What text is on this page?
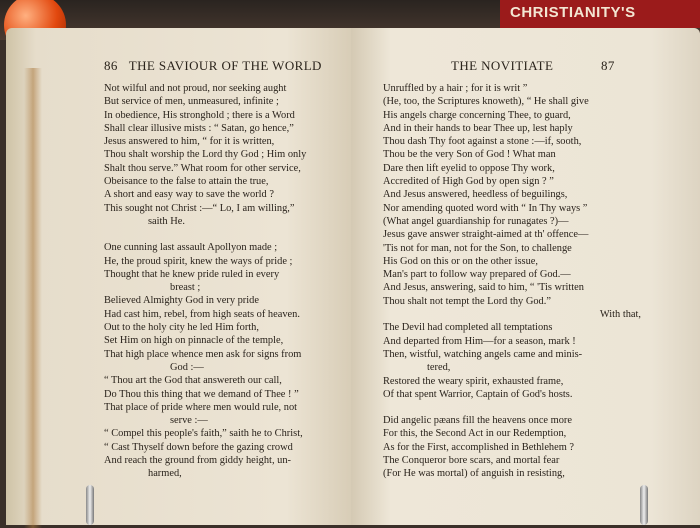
CHRISTIANITY'S
86 THE SAVIOUR OF THE WORLD
Not wilful and not proud, nor seeking aught
But service of men, unmeasured, infinite ;
In obedience, His stronghold ; there is a Word
Shall clear illusive mists : “ Satan, go hence,”
Jesus answered to him, “ for it is written,
Thou shalt worship the Lord thy God ; Him only
Shalt thou serve.” What room for other service,
Obeisance to the false to attain the true,
A short and easy way to save the world ?
This sought not Christ :—“ Lo, I am willing,”
saith He.
One cunning last assault Apollyon made ;
He, the proud spirit, knew the ways of pride ;
Thought that he knew pride ruled in every
breast ;
Believed Almighty God in very pride
Had cast him, rebel, from high seats of heaven.
Out to the holy city he led Him forth,
Set Him on high on pinnacle of the temple,
That high place whence men ask for signs from
God :—
“ Thou art the God that answereth our call,
Do Thou this thing that we demand of Thee ! ”
That place of pride where men would rule, not
serve :—
“ Compel this people's faith,” saith he to Christ,
“ Cast Thyself down before the gazing crowd
And reach the ground from giddy height, un-
harmed,
THE NOVITIATE	87
Unruffled by a hair ; for it is writ ”
(He, too, the Scriptures knoweth), “ He shall give
His angels charge concerning Thee, to guard,
And in their hands to bear Thee up, lest haply
Thou dash Thy foot against a stone :—if, sooth,
Thou be the very Son of God ! What man
Dare then lift eyelid to oppose Thy work,
Accredited of High God by open sign ? ”
And Jesus answered, heedless of beguilings,
Nor amending quoted word with “ In Thy ways ”
(What angel guardianship for runagates ?)—
Jesus gave answer straight-aimed at th' offence—
'Tis not for man, not for the Son, to challenge
His God on this or on the other issue,
Man's part to follow way prepared of God.—
And Jesus, answering, said to him, “ 'Tis written
Thou shalt not tempt the Lord thy God.”
With that,
The Devil had completed all temptations
And departed from Him—for a season, mark !
Then, wistful, watching angels came and minis-
tered,
Restored the weary spirit, exhausted frame,
Of that spent Warrior, Captain of God's hosts.
Did angelic pæans fill the heavens once more
For this, the Second Act in our Redemption,
As for the First, accomplished in Bethlehem ?
The Conqueror bore scars, and mortal fear
(For He was mortal) of anguish in resisting,
